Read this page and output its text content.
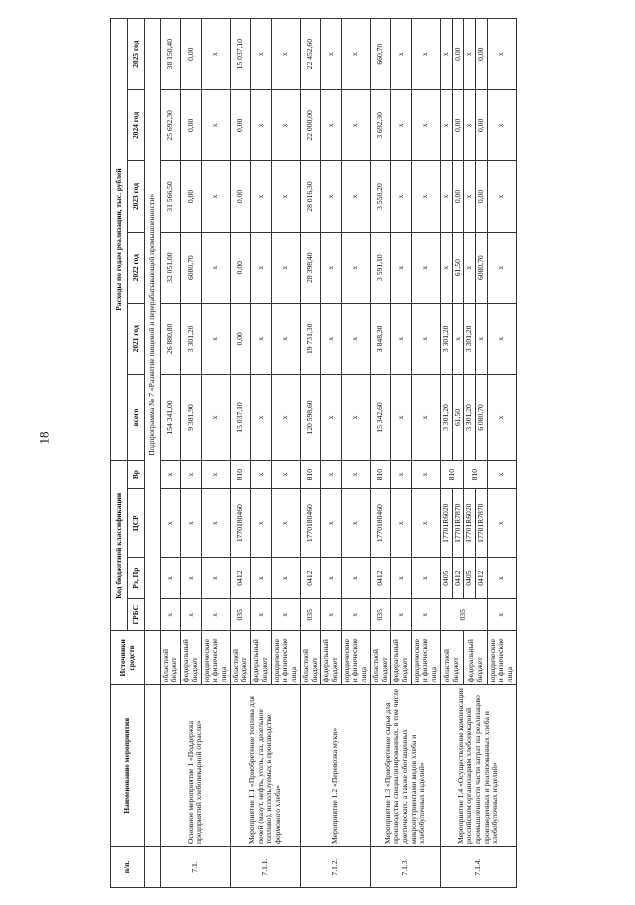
18
п/п.	Наименование мероприятия	Источники средств	Код бюджетной классификации				Расходы по годам реализации, тыс. рублей					
							всего	2021 год	2022 год	2023 год	2024 год	2025 год
			ГРБС	Рз, Пр	ЦСР	Вр						
			Подпрограмма № 7 «Развитие пищевой и перерабатывающей промышленности»									
7.1.	Основное мероприятие 1 «Поддержка предприятий хлебопекарной отрасли»	областной бюджет	х	х	х	х	154 341,00	26 880,80	32 051,00	31 566,50	25 692,30	38 150,40
		федеральный бюджет	х	х	х	х	9 381,90	3 301,20	6080,70	0,00	0,00	0,00
		юридические и физические лица	х	х	х	х	х	х	х	х	х	х
7.1.1.	Мероприятие 1.1 «Приобретение топлива для печей (мазут, нефть, уголь, газ, дизельное топливо), используемых в производстве формового хлеба»	областной бюджет	035	0412	1770180460	810	15 037,10	0,00	0,00	0,00	0,00	15 037,10
		федеральный бюджет	х	х	х	х	х	х	х	х	х	х
		юридические и физические лица	х	х	х	х	х	х	х	х	х	х
7.1.2.	Мероприятие 1.2 «Перевозка муки»	областной бюджет	035	0412	1770180460	810	120 598,60	19 731,30	28 398,40	28 016,30	22 000,00	22 452,60
		федеральный бюджет	х	х	х	х	х	х	х	х	х	х
		юридические и физические лица	х	х	х	х	х	х	х	х	х	х
7.1.3.	Мероприятие 1.3 «Приобретение сырья для производства специализированных, в том числе диетических, а также обогащенных микронутриентами видов хлеба и хлебобулочных изделий»	областной бюджет	035	0412	1770180460	810	15 342,60	3 848,30	3 591,10	3 550,20	3 692,30	660,70
		федеральный бюджет	х	х	х	х	х	х	х	х	х	х
		юридические и физические лица	х	х	х	х	х	х	х	х	х	х
7.1.4.	Мероприятие 1.4 «Осуществление компенсации российским организациям хлебопекарной промышленности части затрат на реализацию произведенных и реализованных хлеба и хлебобулочных изделий»	областной бюджет	035	0405	17701R6020	810	3 301,20	3 301,20	х	х	х	х
				0412	17701R7870		61,50	х	61,50	0,00	0,00	0,00
		федеральный бюджет		0405	17701R6020	810	3 301,20	3 301,20	х	х	х	х
				0412	17701R7870		6 080,70	х	6080,70	0,00	0,00	0,00
		юридические и физические лица	х	х	х	х	х	х	х	х	х	х
